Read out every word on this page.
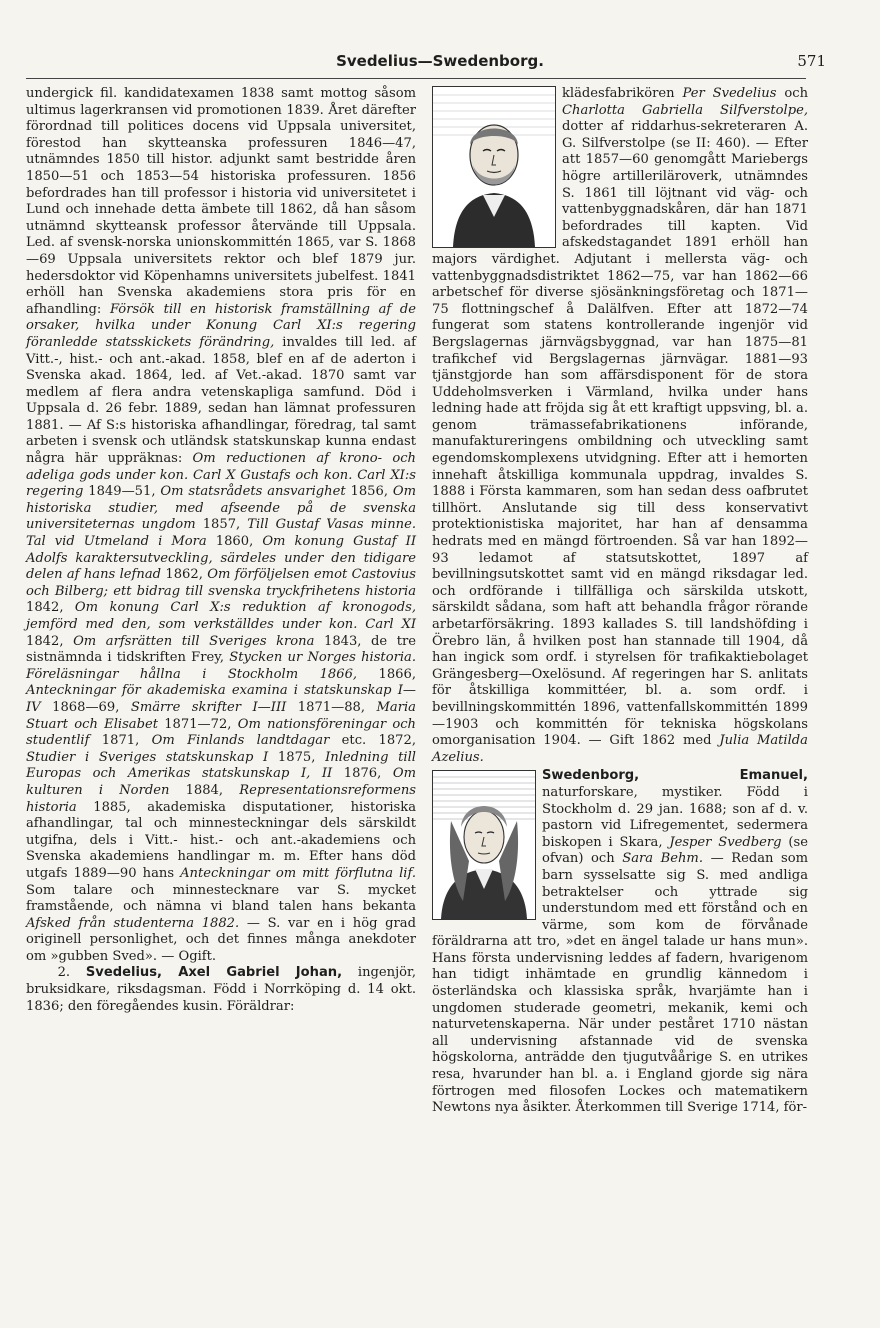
Svedelius—Swedenborg.	571

undergick fil. kandidatexamen 1838 samt mottog såsom ultimus lagerkransen vid promotionen 1839. Året därefter förordnad till politices docens vid Uppsala universitet, förestod han skytteanska professuren 1846—47, utnämndes 1850 till histor. adjunkt samt bestridde åren 1850—51 och 1853—54 historiska professuren. 1856 befordrades han till professor i historia vid universitetet i Lund och innehade detta ämbete till 1862, då han såsom utnämnd skytteansk professor återvände till Uppsala. Led. af svensk-norska unionskommittén 1865, var S. 1868—69 Uppsala universitets rektor och blef 1879 jur. hedersdoktor vid Köpenhamns universitets jubelfest. 1841 erhöll han Svenska akademiens stora pris för en afhandling: Försök till en historisk framställning af de orsaker, hvilka under Konung Carl XI:s regering föranledde statsskickets förändring, invaldes till led. af Vitt.-, hist.- och ant.-akad. 1858, blef en af de aderton i Svenska akad. 1864, led. af Vet.-akad. 1870 samt var medlem af flera andra vetenskapliga samfund. Död i Uppsala d. 26 febr. 1889, sedan han lämnat professuren 1881. — Af S:s historiska afhandlingar, föredrag, tal samt arbeten i svensk och utländsk statskunskap kunna endast några här uppräknas: Om reductionen af krono- och adeliga gods under kon. Carl X Gustafs och kon. Carl XI:s regering 1849—51, Om statsrådets ansvarighet 1856, Om historiska studier, med afseende på de svenska universiteternas ungdom 1857, Till Gustaf Vasas minne. Tal vid Utmeland i Mora 1860, Om konung Gustaf II Adolfs karaktersutveckling, särdeles under den tidigare delen af hans lefnad 1862, Om förföljelsen emot Castovius och Bilberg; ett bidrag till svenska tryckfrihetens historia 1842, Om konung Carl X:s reduktion af kronogods, jemförd med den, som verkställdes under kon. Carl XI 1842, Om arfsrätten till Sveriges krona 1843, de tre sistnämnda i tidskriften Frey, Stycken ur Norges historia. Föreläsningar hållna i Stockholm 1866, 1866, Anteckningar för akademiska examina i statskunskap I—IV 1868—69, Smärre skrifter I—III 1871—88, Maria Stuart och Elisabet 1871—72, Om nationsföreningar och studentlif 1871, Om Finlands landtdagar etc. 1872, Studier i Sveriges statskunskap I 1875, Inledning till Europas och Amerikas statskunskap I, II 1876, Om kulturen i Norden 1884, Representationsreformens historia 1885, akademiska disputationer, historiska afhandlingar, tal och minnesteckningar dels särskildt utgifna, dels i Vitt.- hist.- och ant.-akademiens och Svenska akademiens handlingar m. m. Efter hans död utgafs 1889—90 hans Anteckningar om mitt förflutna lif. Som talare och minnestecknare var S. mycket framstående, och nämna vi bland talen hans bekanta Afsked från studenterna 1882. — S. var en i hög grad originell personlighet, och det finnes många anekdoter om »gubben Sved». — Ogift.

2. Svedelius, Axel Gabriel Johan, ingenjör, bruksidkare, riksdagsman. Född i Norrköping d. 14 okt. 1836; den föregåendes kusin. Föräldrar:

klädesfabrikören Per Svedelius och Charlotta Gabriella Silfverstolpe, dotter af riddarhus-sekreteraren A. G. Silfverstolpe (se II: 460). — Efter att 1857—60 genomgått Mariebergs högre artilleriläroverk, utnämndes S. 1861 till löjtnant vid väg- och vattenbyggnadskåren, där han 1871 befordrades till kapten. Vid afskedstagandet 1891 erhöll han majors värdighet. Adjutant i mellersta väg- och vattenbyggnadsdistriktet 1862—75, var han 1862—66 arbetschef för diverse sjösänkningsföretag och 1871—75 flottningschef å Dalälfven. Efter att 1872—74 fungerat som statens kontrollerande ingenjör vid Bergslagernas järnvägsbyggnad, var han 1875—81 trafikchef vid Bergslagernas järnvägar. 1881—93 tjänstgjorde han som affärsdisponent för de stora Uddeholmsverken i Värmland, hvilka under hans ledning hade att fröjda sig åt ett kraftigt uppsving, bl. a. genom trämassefabrikationens införande, manufaktureringens ombildning och utveckling samt egendomskomplexens utvidgning. Efter att i hemorten innehaft åtskilliga kommunala uppdrag, invaldes S. 1888 i Första kammaren, som han sedan dess oafbrutet tillhört. Anslutande sig till dess konservativt protektionistiska majoritet, har han af densamma hedrats med en mängd förtroenden. Så var han 1892—93 ledamot af statsutskottet, 1897 af bevillningsutskottet samt vid en mängd riksdagar led. och ordförande i tillfälliga och särskilda utskott, särskildt sådana, som haft att behandla frågor rörande arbetarförsäkring. 1893 kallades S. till landshöfding i Örebro län, å hvilken post han stannade till 1904, då han ingick som ordf. i styrelsen för trafikaktiebolaget Grängesberg—Oxelösund. Af regeringen har S. anlitats för åtskilliga kommittéer, bl. a. som ordf. i bevillningskommittén 1896, vattenfallskommittén 1899—1903 och kommittén för tekniska högskolans omorganisation 1904. — Gift 1862 med Julia Matilda Azelius.

Swedenborg, Emanuel,
naturforskare, mystiker. Född i Stockholm d. 29 jan. 1688; son af d. v. pastorn vid Lifregementet, sedermera biskopen i Skara, Jesper Svedberg (se ofvan) och Sara Behm. — Redan som barn sysselsatte sig S. med andliga betraktelser och yttrade sig understundom med ett förstånd och en värme, som kom de förvånade föräldrarna att tro, »det en ängel talade ur hans mun». Hans första undervisning leddes af fadern, hvarigenom han tidigt inhämtade en grundlig kännedom i österländska och klassiska språk, hvarjämte han i ungdomen studerade geometri, mekanik, kemi och naturvetenskaperna. När under peståret 1710 nästan all undervisning afstannade vid de svenska högskolorna, anträdde den tjugutvåårige S. en utrikes resa, hvarunder han bl. a. i England gjorde sig nära förtrogen med filosofen Lockes och matematikern Newtons nya åsikter. Återkommen till Sverige 1714, för-
